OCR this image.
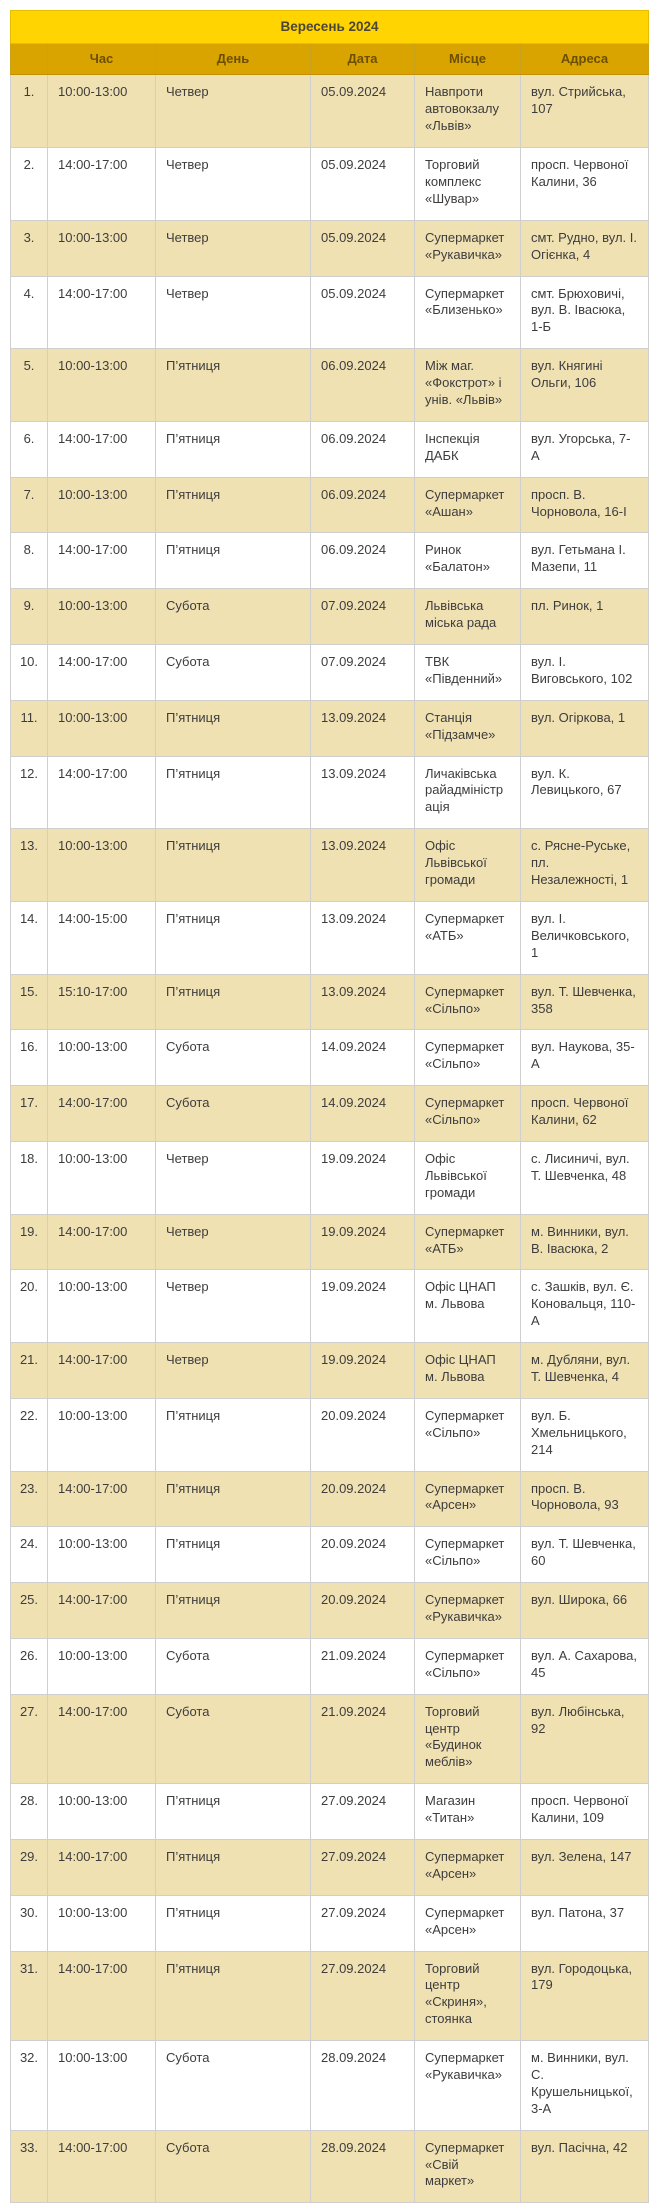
Вересень 2024					
	Час	День	Дата	Місце	Адреса
1.	10:00-13:00	Четвер	05.09.2024	Навпроти автовокзалу «Львів»	вул. Стрийська, 107
2.	14:00-17:00	Четвер	05.09.2024	Торговий комплекс «Шувар»	просп. Червоної Калини, 36
3.	10:00-13:00	Четвер	05.09.2024	Супермаркет «Рукавичка»	смт. Рудно, вул. І. Огієнка, 4
4.	14:00-17:00	Четвер	05.09.2024	Супермаркет «Близенько»	смт. Брюховичі, вул. В. Івасюка, 1-Б
5.	10:00-13:00	П’ятниця	06.09.2024	Між маг. «Фокстрот» і унів. «Львів»	вул. Княгині Ольги, 106
6.	14:00-17:00	П’ятниця	06.09.2024	Інспекція ДАБК	вул. Угорська, 7-А
7.	10:00-13:00	П’ятниця	06.09.2024	Супермаркет «Ашан»	просп. В. Чорновола, 16-І
8.	14:00-17:00	П’ятниця	06.09.2024	Ринок «Балатон»	вул. Гетьмана І. Мазепи, 11
9.	10:00-13:00	Субота	07.09.2024	Львівська міська рада	пл. Ринок, 1
10.	14:00-17:00	Субота	07.09.2024	ТВК «Південний»	вул. І. Виговського, 102
11.	10:00-13:00	П’ятниця	13.09.2024	Станція «Підзамче»	вул. Огіркова, 1
12.	14:00-17:00	П’ятниця	13.09.2024	Личаківська райадміністрація	вул. К. Левицького, 67
13.	10:00-13:00	П’ятниця	13.09.2024	Офіс Львівської громади	с. Рясне-Руське, пл. Незалежності, 1
14.	14:00-15:00	П’ятниця	13.09.2024	Супермаркет «АТБ»	вул. І. Величковського, 1
15.	15:10-17:00	П’ятниця	13.09.2024	Супермаркет «Сільпо»	вул. Т. Шевченка, 358
16.	10:00-13:00	Субота	14.09.2024	Супермаркет «Сільпо»	вул. Наукова, 35-А
17.	14:00-17:00	Субота	14.09.2024	Супермаркет «Сільпо»	просп. Червоної Калини, 62
18.	10:00-13:00	Четвер	19.09.2024	Офіс Львівської громади	с. Лисиничі, вул. Т. Шевченка, 48
19.	14:00-17:00	Четвер	19.09.2024	Супермаркет «АТБ»	м. Винники, вул. В. Івасюка, 2
20.	10:00-13:00	Четвер	19.09.2024	Офіс ЦНАП м. Львова	с. Зашків, вул. Є. Коновальця, 110-А
21.	14:00-17:00	Четвер	19.09.2024	Офіс ЦНАП м. Львова	м. Дубляни, вул. Т. Шевченка, 4
22.	10:00-13:00	П’ятниця	20.09.2024	Супермаркет «Сільпо»	вул. Б. Хмельницького, 214
23.	14:00-17:00	П’ятниця	20.09.2024	Супермаркет «Арсен»	просп. В. Чорновола, 93
24.	10:00-13:00	П’ятниця	20.09.2024	Супермаркет «Сільпо»	вул. Т. Шевченка, 60
25.	14:00-17:00	П’ятниця	20.09.2024	Супермаркет «Рукавичка»	вул. Широка, 66
26.	10:00-13:00	Субота	21.09.2024	Супермаркет «Сільпо»	вул. А. Сахарова, 45
27.	14:00-17:00	Субота	21.09.2024	Торговий центр «Будинок меблів»	вул. Любінська, 92
28.	10:00-13:00	П’ятниця	27.09.2024	Магазин «Титан»	просп. Червоної Калини, 109
29.	14:00-17:00	П’ятниця	27.09.2024	Супермаркет «Арсен»	вул. Зелена, 147
30.	10:00-13:00	П’ятниця	27.09.2024	Супермаркет «Арсен»	вул. Патона, 37
31.	14:00-17:00	П’ятниця	27.09.2024	Торговий центр «Скриня», стоянка	вул. Городоцька, 179
32.	10:00-13:00	Субота	28.09.2024	Супермаркет «Рукавичка»	м. Винники, вул. С. Крушельницької, 3-А
33.	14:00-17:00	Субота	28.09.2024	Супермаркет «Свій маркет»	вул. Пасічна, 42
